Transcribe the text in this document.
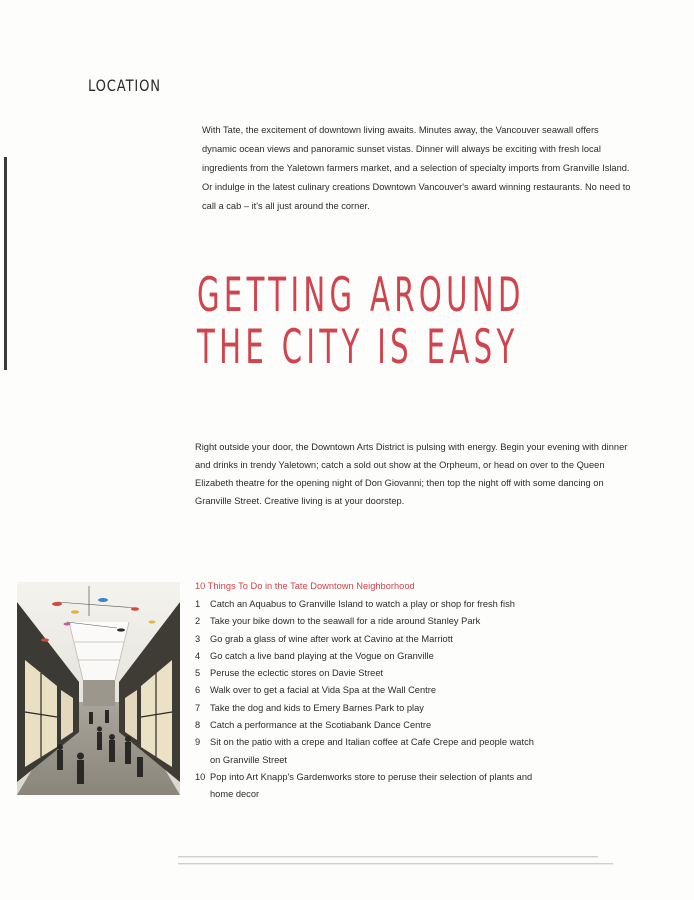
LOCATION

With Tate, the excitement of downtown living awaits. Minutes away, the Vancouver seawall offers dynamic ocean views and panoramic sunset vistas. Dinner will always be exciting with fresh local ingredients from the Yaletown farmers market, and a selection of specialty imports from Granville Island. Or indulge in the latest culinary creations Downtown Vancouver's award winning restaurants. No need to call a cab – it's all just around the corner.

GETTING AROUND
THE CITY IS EASY

Right outside your door, the Downtown Arts District is pulsing with energy. Begin your evening with dinner and drinks in trendy Yaletown; catch a sold out show at the Orpheum, or head on over to the Queen Elizabeth theatre for the opening night of Don Giovanni; then top the night off with some dancing on Granville Street. Creative living is at your doorstep.

10 Things To Do in the Tate Downtown Neighborhood
1	Catch an Aquabus to Granville Island to watch a play or shop for fresh fish
2	Take your bike down to the seawall for a ride around Stanley Park
3	Go grab a glass of wine after work at Cavino at the Marriott
4	Go catch a live band playing at the Vogue on Granville
5	Peruse the eclectic stores on Davie Street
6	Walk over to get a facial at Vida Spa at the Wall Centre
7	Take the dog and kids to Emery Barnes Park to play
8	Catch a performance at the Scotiabank Dance Centre
9	Sit on the patio with a crepe and Italian coffee at Cafe Crepe and people watch on Granville Street
10 Pop into Art Knapp's Gardenworks store to peruse their selection of plants and home decor
